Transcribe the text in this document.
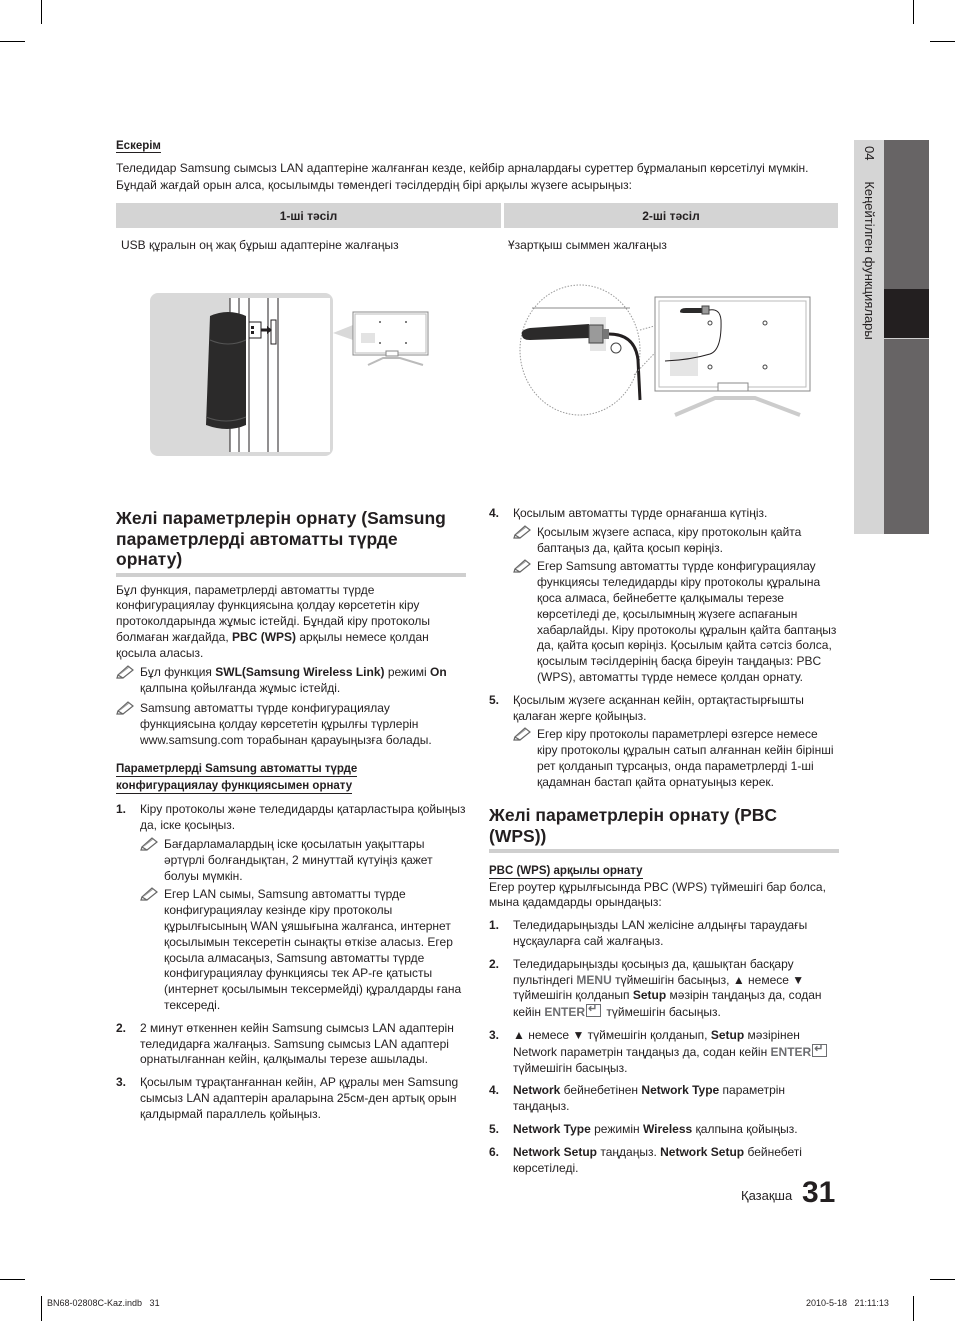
04   Кеңейтілген функциялары
Ескерім
Теледидар Samsung сымсыз LAN адаптеріне жалғанған кезде, кейбір арналардағы суреттер бұрмаланып көрсетілуі мүмкін. Бұндай жағдай орын алса, қосылымды төмендегі тәсілдердің бірі арқылы жүзеге асырыңыз:
1-ші тәсіл	2-ші тәсіл
USB құралын оң жақ бұрыш адаптеріне жалғаңыз	Ұзартқыш сыммен жалғаңыз
Желі параметрлерін орнату (Samsung параметрлерді автоматты түрде орнату)
Бұл функция, параметрлерді автоматты түрде конфигурациялау функциясына қолдау көрсететін кіру протоколдарында жұмыс істейді. Бұндай кіру протоколы болмаған жағдайда, PBC (WPS) арқылы немесе қолдан қосыла аласыз.
Бұл функция SWL(Samsung Wireless Link) режимі On қалпына қойылғанда жұмыс істейді.
Samsung автоматты түрде конфигурациялау функциясына қолдау көрсететін құрылғы түрлерін www.samsung.com торабынан қарауыңызға болады.
Параметрлерді Samsung автоматты түрде
конфигурациялау функциясымен орнату
1. Кіру протоколы және теледидарды қатарластыра қойыңыз да, іске қосыңыз.
Бағдарламалардың іске қосылатын уақыттары әртүрлі болғандықтан, 2 минуттай күтуіңіз қажет болуы мүмкін.
Егер LAN сымы, Samsung автоматты түрде конфигурациялау кезінде кіру протоколы құрылғысының WAN ұяшығына жалғанса, интернет қосылымын тексеретін сынақты өткізе аласыз. Егер қосыла алмасаңыз, Samsung автоматты түрде конфигурациялау функциясы тек AP-ге қатысты (интернет қосылымын тексермейді) құралдарды ғана тексереді.
2. 2 минут өткеннен кейін Samsung сымсыз LAN адаптерін теледидарға жалғаңыз. Samsung сымсыз LAN адаптері орнатылғаннан кейін, қалқымалы терезе ашылады.
3. Қосылым тұрақтанғаннан кейін, AP құралы мен Samsung сымсыз LAN адаптерін араларына 25см-ден артық орын қалдырмай параллель қойыңыз.
4. Қосылым автоматты түрде орнағанша күтіңіз.
Қосылым жүзеге аспаса, кіру протоколын қайта баптаңыз да, қайта қосып көріңіз.
Егер Samsung автоматты түрде конфигурациялау функциясы теледидарды кіру протоколы құралына қоса алмаса, бейнебетте қалқымалы терезе көрсетіледі де, қосылымның жүзеге аспағанын хабарлайды. Кіру протоколы құралын қайта баптаңыз да, қайта қосып көріңіз. Қосылым қайта сәтсіз болса, қосылым тәсілдерінің басқа біреуін таңдаңыз: PBC (WPS), автоматты түрде немесе қолдан орнату.
5. Қосылым жүзеге асқаннан кейін, ортақтастырғышты қалаған жерге қойыңыз.
Егер кіру протоколы параметрлері өзгерсе немесе кіру протоколы құралын сатып алғаннан кейін бірінші рет қолданып тұрсаңыз, онда параметрлерді 1-ші қадамнан бастап қайта орнатуыңыз керек.
Желі параметрлерін орнату (PBC (WPS))
PBC (WPS) арқылы орнату
Егер роутер құрылғысында PBC (WPS) түймешігі бар болса, мына қадамдарды орындаңыз:
1. Теледидарыңызды LAN желісіне алдыңғы тараудағы нұсқауларға сай жалғаңыз.
2. Теледидарыңызды қосыңыз да, қашықтан басқару пультіндегі MENU түймешігін басыңыз, ▲ немесе ▼ түймешігін қолданып Setup мәзірін таңдаңыз да, содан кейін ENTER↵ түймешігін басыңыз.
3. ▲ немесе ▼ түймешігін қолданып, Setup мәзірінен Network параметрін таңдаңыз да, содан кейін ENTER↵ түймешігін басыңыз.
4. Network бейнебетінен Network Type параметрін таңдаңыз.
5. Network Type режимін Wireless қалпына қойыңыз.
6. Network Setup таңдаңыз. Network Setup бейнебеті көрсетіледі.
Қазақша 31
BN68-02808C-Kaz.indb   31	2010-5-18   21:11:13
